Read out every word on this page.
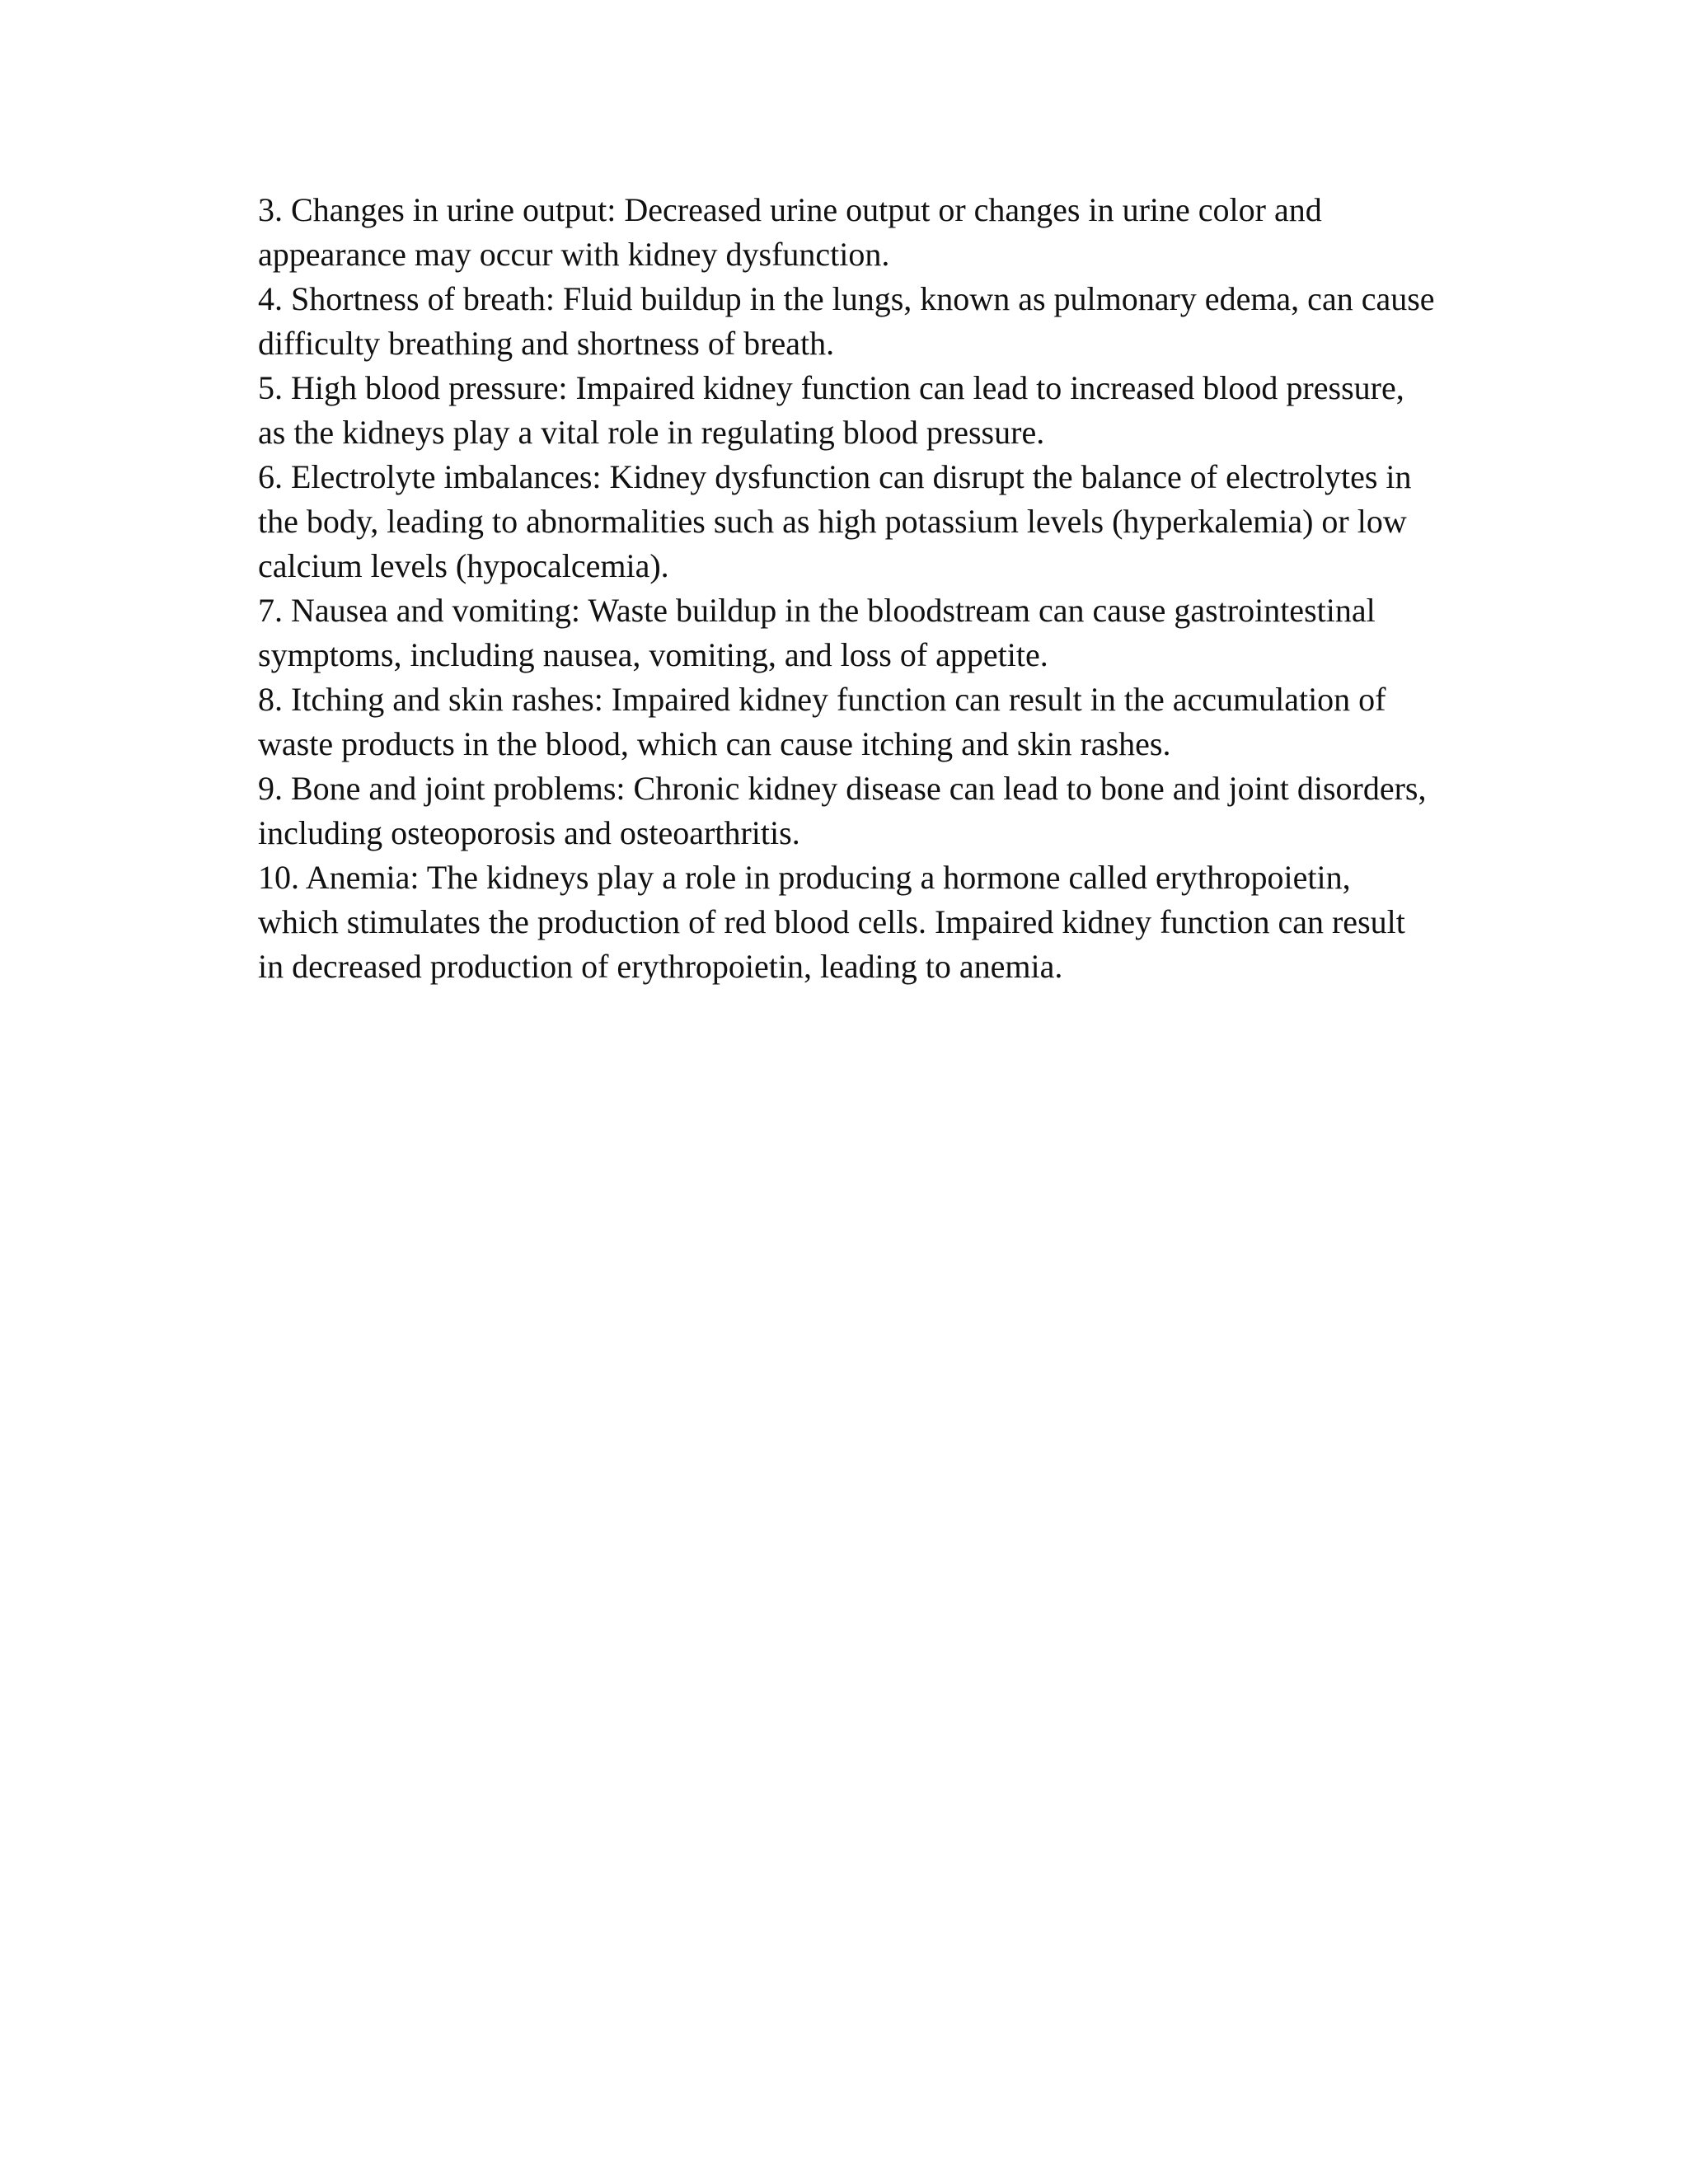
3. Changes in urine output: Decreased urine output or changes in urine color and appearance may occur with kidney dysfunction.

4. Shortness of breath: Fluid buildup in the lungs, known as pulmonary edema, can cause difficulty breathing and shortness of breath.

5. High blood pressure: Impaired kidney function can lead to increased blood pressure, as the kidneys play a vital role in regulating blood pressure.

6. Electrolyte imbalances: Kidney dysfunction can disrupt the balance of electrolytes in the body, leading to abnormalities such as high potassium levels (hyperkalemia) or low calcium levels (hypocalcemia).

7. Nausea and vomiting: Waste buildup in the bloodstream can cause gastrointestinal symptoms, including nausea, vomiting, and loss of appetite.

8. Itching and skin rashes: Impaired kidney function can result in the accumulation of waste products in the blood, which can cause itching and skin rashes.

9. Bone and joint problems: Chronic kidney disease can lead to bone and joint disorders, including osteoporosis and osteoarthritis.

10. Anemia: The kidneys play a role in producing a hormone called erythropoietin, which stimulates the production of red blood cells. Impaired kidney function can result in decreased production of erythropoietin, leading to anemia.
